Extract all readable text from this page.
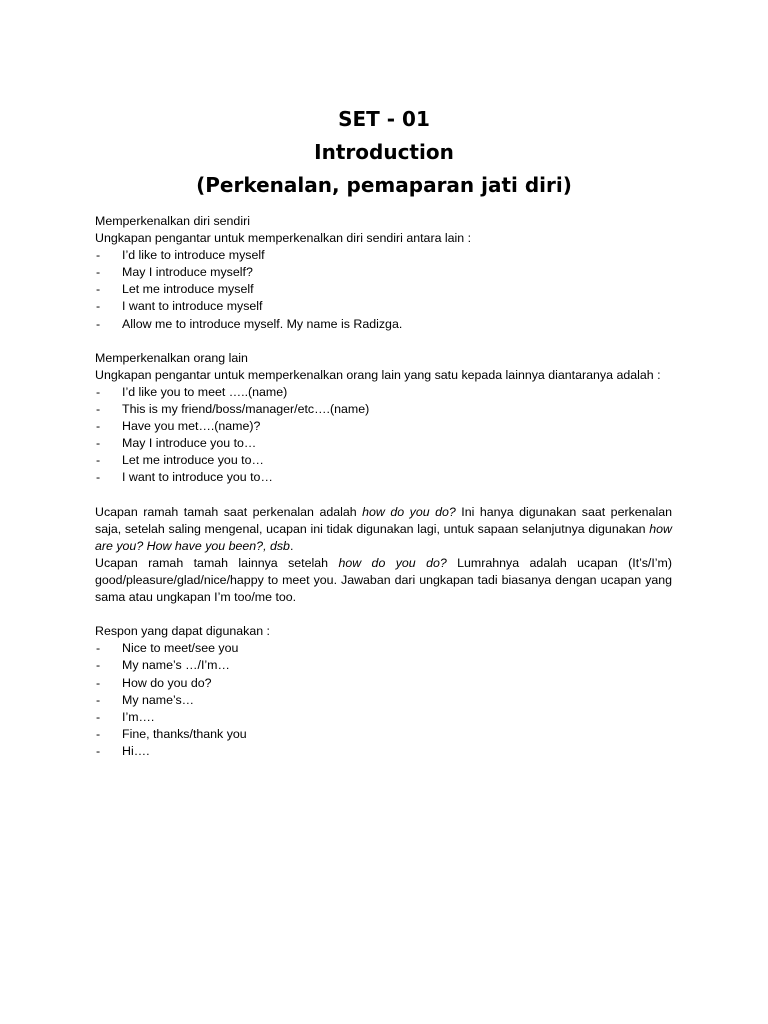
SET - 01
Introduction
(Perkenalan, pemaparan jati diri)

Memperkenalkan diri sendiri

Ungkapan pengantar untuk memperkenalkan diri sendiri antara lain :

- I’d like to introduce myself
- May I introduce myself?
- Let me introduce myself
- I want to introduce myself
- Allow me to introduce myself. My name is Radizga.

Memperkenalkan orang lain

Ungkapan pengantar untuk memperkenalkan orang lain yang satu kepada lainnya diantaranya adalah :

- I’d like you to meet …..(name)
- This is my friend/boss/manager/etc….(name)
- Have you met….(name)?
- May I introduce you to…
- Let me introduce you to…
- I want to introduce you to…

Ucapan ramah tamah saat perkenalan adalah how do you do? Ini hanya digunakan saat perkenalan saja, setelah saling mengenal, ucapan ini tidak digunakan lagi, untuk sapaan selanjutnya digunakan how are you? How have you been?, dsb.

Ucapan ramah tamah lainnya setelah how do you do? Lumrahnya adalah ucapan (It’s/I’m) good/pleasure/glad/nice/happy to meet you. Jawaban dari ungkapan tadi biasanya dengan ucapan yang sama atau ungkapan I’m too/me too.

Respon yang dapat digunakan :

- Nice to meet/see you
- My name’s …/I’m…
- How do you do?
- My name’s…
- I’m….
- Fine, thanks/thank you
- Hi….
